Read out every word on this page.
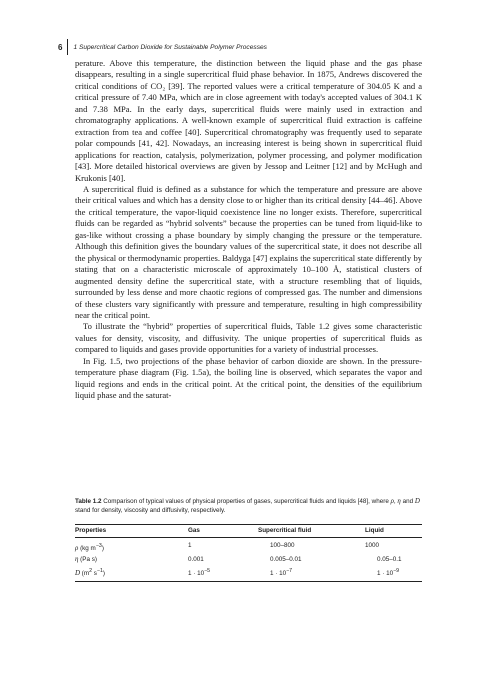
6 1 Supercritical Carbon Dioxide for Sustainable Polymer Processes

perature. Above this temperature, the distinction between the liquid phase and the gas phase disappears, resulting in a single supercritical fluid phase behavior. In 1875, Andrews discovered the critical conditions of CO₂ [39]. The reported values were a critical temperature of 304.05 K and a critical pressure of 7.40 MPa, which are in close agreement with today's accepted values of 304.1 K and 7.38 MPa. In the early days, supercritical fluids were mainly used in extraction and chromatography applications. A well-known example of supercritical fluid extraction is caffeine extraction from tea and coffee [40]. Supercritical chromatography was frequently used to separate polar compounds [41, 42]. Nowadays, an increasing interest is being shown in supercritical fluid applications for reaction, catalysis, polymerization, polymer processing, and polymer modification [43]. More detailed historical overviews are given by Jessop and Leitner [12] and by McHugh and Krukonis [40].

A supercritical fluid is defined as a substance for which the temperature and pressure are above their critical values and which has a density close to or higher than its critical density [44–46]. Above the critical temperature, the vapor-liquid coexistence line no longer exists. Therefore, supercritical fluids can be regarded as “hybrid solvents” because the properties can be tuned from liquid-like to gas-like without crossing a phase boundary by simply changing the pressure or the temperature. Although this definition gives the boundary values of the supercritical state, it does not describe all the physical or thermodynamic properties. Baldyga [47] explains the supercritical state differently by stating that on a characteristic microscale of approximately 10–100 Å, statistical clusters of augmented density define the supercritical state, with a structure resembling that of liquids, surrounded by less dense and more chaotic regions of compressed gas. The number and dimensions of these clusters vary significantly with pressure and temperature, resulting in high compressibility near the critical point.

To illustrate the “hybrid” properties of supercritical fluids, Table 1.2 gives some characteristic values for density, viscosity, and diffusivity. The unique properties of supercritical fluids as compared to liquids and gases provide opportunities for a variety of industrial processes.

In Fig. 1.5, two projections of the phase behavior of carbon dioxide are shown. In the pressure-temperature phase diagram (Fig. 1.5a), the boiling line is observed, which separates the vapor and liquid regions and ends in the critical point. At the critical point, the densities of the equilibrium liquid phase and the saturat-

Table 1.2 Comparison of typical values of physical properties of gases, supercritical fluids and liquids [48], where ρ, η and D stand for density, viscosity and diffusivity, respectively.
Properties	Gas	Supercritical fluid	Liquid
ρ (kg $m^{-3}$)	1	100–800	1000
η (Pa s)	0.001	0.005–0.01	0.05–0.1
D ($m^2$ $s^{-1}$)	$1 \cdot 10^{-5}$	$1 \cdot 10^{-7}$	$1 \cdot 10^{-9}$
